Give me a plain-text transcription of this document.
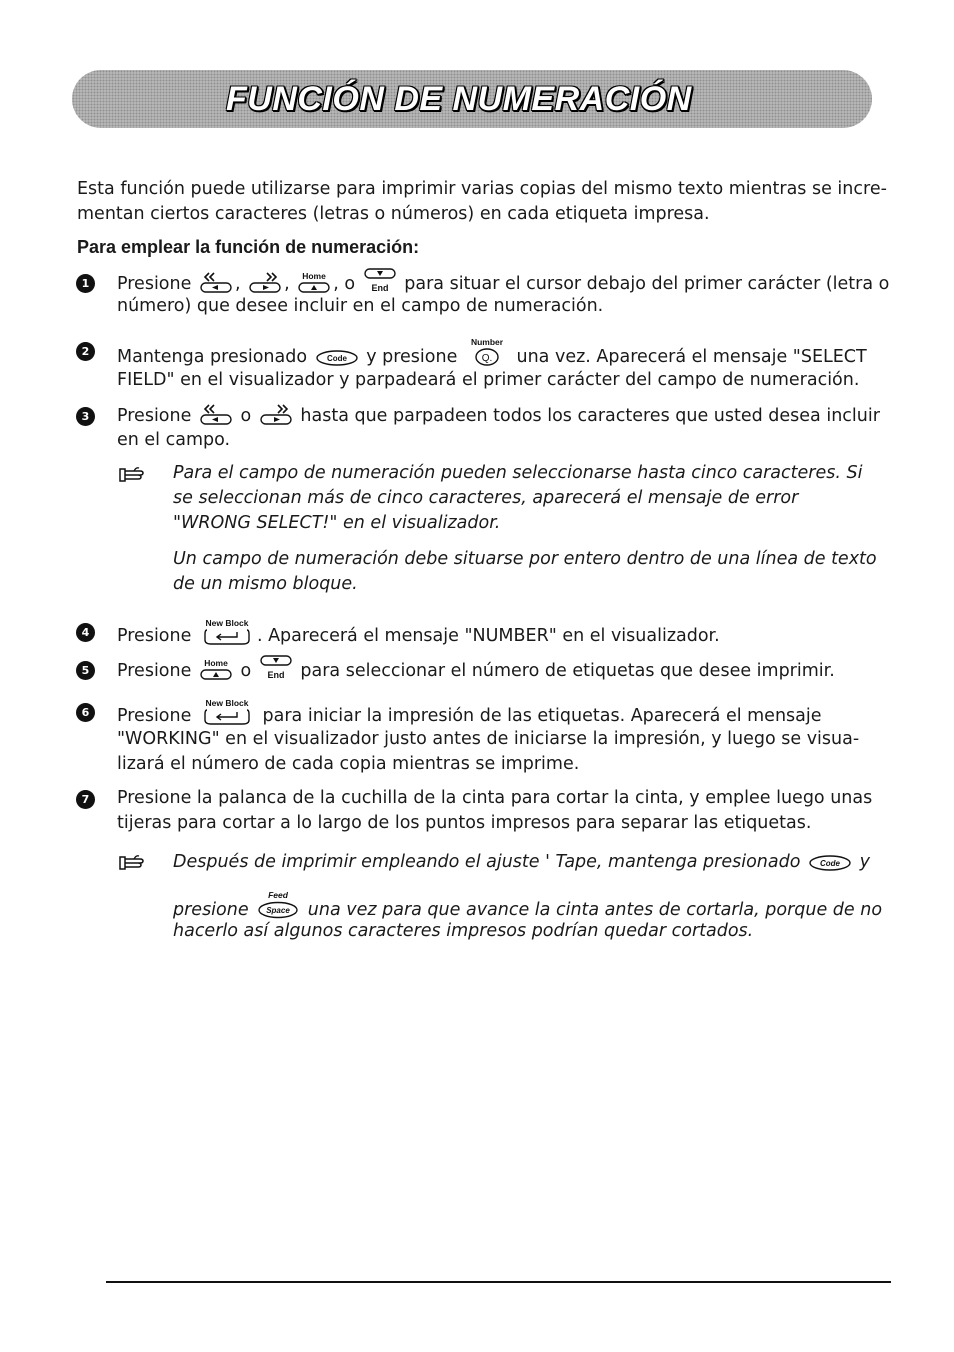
FUNCIÓN DE NUMERACIÓN
Esta función puede utilizarse para imprimir varias copias del mismo texto mientras se incre-
mentan ciertos caracteres (letras o números) en cada etiqueta impresa.
Para emplear la función de numeración:
1	Presione , , Home , o End para situar el cursor debajo del primer carácter (letra o
número) que desee incluir en el campo de numeración.
2	Mantenga presionado Code y presione
Number
Q. una vez. Aparecerá el mensaje "SELECT
FIELD" en el visualizador y parpadeará el primer carácter del campo de numeración.
3	Presione	o	hasta que parpadeen todos los caracteres que usted desea incluir
en el campo.
Para el campo de numeración pueden seleccionarse hasta cinco caracteres. Si
se seleccionan más de cinco caracteres, aparecerá el mensaje de error
"WRONG SELECT!" en el visualizador.
Un campo de numeración debe situarse por entero dentro de una línea de texto
de un mismo bloque.
4	Presione
New Block
. Aparecerá el mensaje "NUMBER" en el visualizador.
5	Presione Home o End para seleccionar el número de etiquetas que desee imprimir.
6	Presione
New Block
para iniciar la impresión de las etiquetas. Aparecerá el mensaje
"WORKING" en el visualizador justo antes de iniciarse la impresión, y luego se visua-
lizará el número de cada copia mientras se imprime.
7	Presione la palanca de la cuchilla de la cinta para cortar la cinta, y emplee luego unas
tijeras para cortar a lo largo de los puntos impresos para separar las etiquetas.
Después de imprimir empleando el ajuste ' Tape, mantenga presionado Code y
presione
Feed
Space una vez para que avance la cinta antes de cortarla, porque de no
hacerlo así algunos caracteres impresos podrían quedar cortados.
